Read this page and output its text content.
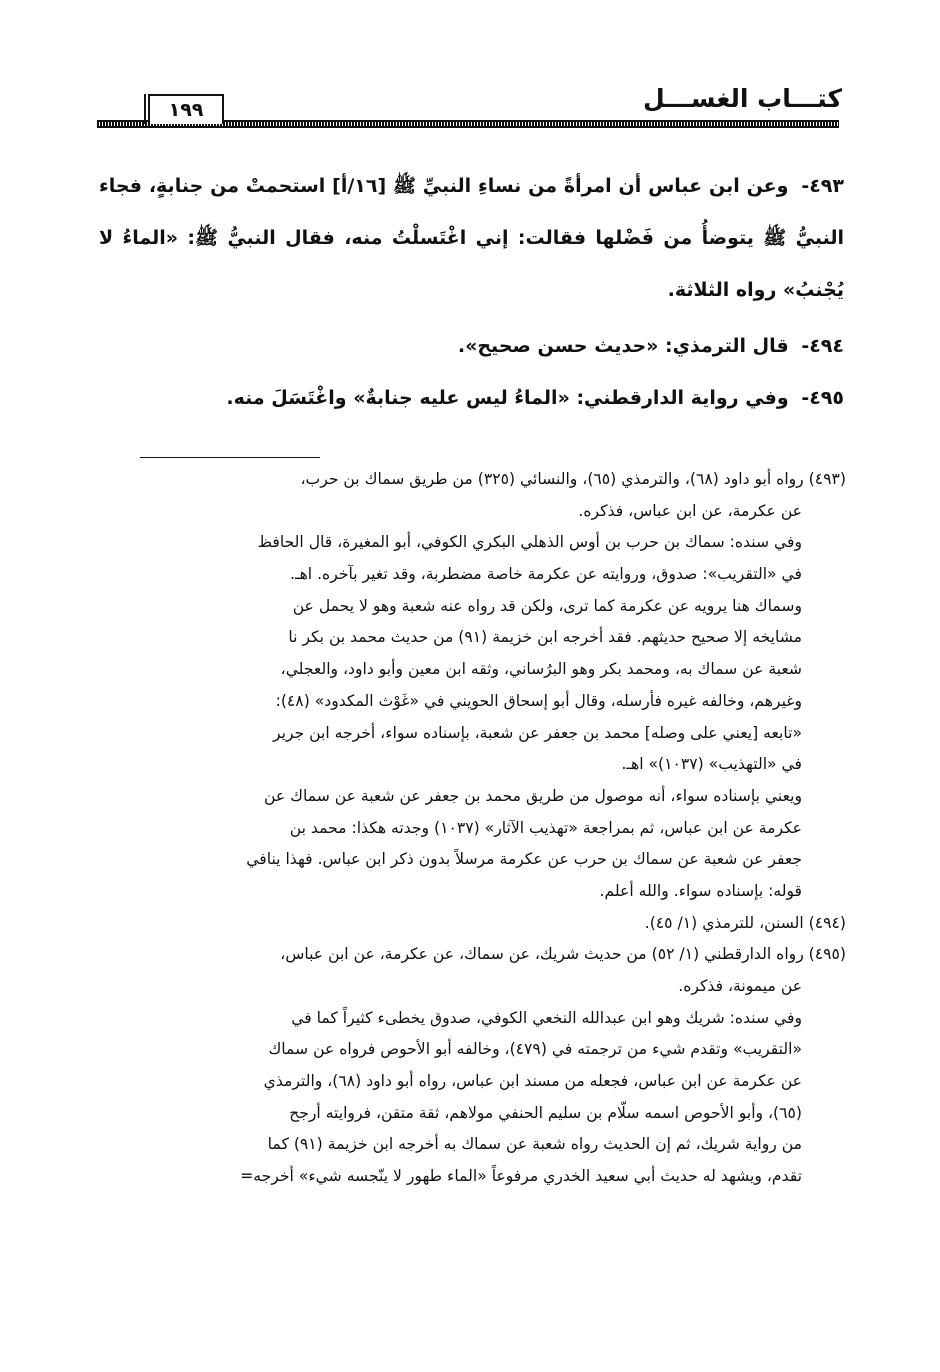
كتـــاب الغســـل
١٩٩

٤٩٣- وعن ابن عباس أن امرأةً من نساءِ النبيِّ ﷺ [١٦/أ] استحمتْ من جنابةٍ، فجاء النبيُّ ﷺ يتوضأُ من فَضْلها فقالت: إني اغْتَسلْتُ منه، فقال النبيُّ ﷺ: «الماءُ لا يُجْنبُ» رواه الثلاثة.

٤٩٤- قال الترمذي: «حديث حسن صحيح».

٤٩٥- وفي رواية الدارقطني: «الماءُ ليس عليه جنابةٌ» واغْتَسَلَ منه.

(٤٩٣) رواه أبو داود (٦٨)، والترمذي (٦٥)، والنسائي (٣٢٥) من طريق سماك بن حرب،
عن عكرمة، عن ابن عباس، فذكره.
وفي سنده: سماك بن حرب بن أوس الذهلي البكري الكوفي، أبو المغيرة، قال الحافظ
في «التقريب»: صدوق، وروايته عن عكرمة خاصة مضطربة، وقد تغير بآخره. اهـ.
وسماك هنا يرويه عن عكرمة كما ترى، ولكن قد رواه عنه شعبة وهو لا يحمل عن
مشايخه إلا صحيح حديثهم. فقد أخرجه ابن خزيمة (٩١) من حديث محمد بن بكر نا
شعبة عن سماك به، ومحمد بكر وهو البرُساني، وثقه ابن معين وأبو داود، والعجلي،
وغيرهم، وخالفه غيره فأرسله، وقال أبو إسحاق الحويني في «غَوْث المكدود» (٤٨):
«تابعه [يعني على وصله] محمد بن جعفر عن شعبة، بإسناده سواء، أخرجه ابن جرير
في «التهذيب» (١٠٣٧)» اهـ.
ويعني بإسناده سواء، أنه موصول من طريق محمد بن جعفر عن شعبة عن سماك عن
عكرمة عن ابن عباس، ثم بمراجعة «تهذيب الآثار» (١٠٣٧) وجدته هكذا: محمد بن
جعفر عن شعبة عن سماك بن حرب عن عكرمة مرسلاً بدون ذكر ابن عباس. فهذا ينافي
قوله: بإسناده سواء. والله أعلم.
(٤٩٤) السنن، للترمذي (١/ ٤٥).
(٤٩٥) رواه الدارقطني (١/ ٥٢) من حديث شريك، عن سماك، عن عكرمة، عن ابن عباس،
عن ميمونة، فذكره.
وفي سنده: شريك وهو ابن عبدالله النخعي الكوفي، صدوق يخطىء كثيراً كما في
«التقريب» وتقدم شيء من ترجمته في (٤٧٩)، وخالفه أبو الأحوص فرواه عن سماك
عن عكرمة عن ابن عباس، فجعله من مسند ابن عباس، رواه أبو داود (٦٨)، والترمذي
(٦٥)، وأبو الأحوص اسمه سلّام بن سليم الحنفي مولاهم، ثقة متقن، فروايته أرجح
من رواية شريك، ثم إن الحديث رواه شعبة عن سماك به أخرجه ابن خزيمة (٩١) كما
تقدم، ويشهد له حديث أبي سعيد الخدري مرفوعاً «الماء طهور لا ينّجسه شيء» أخرجه=
